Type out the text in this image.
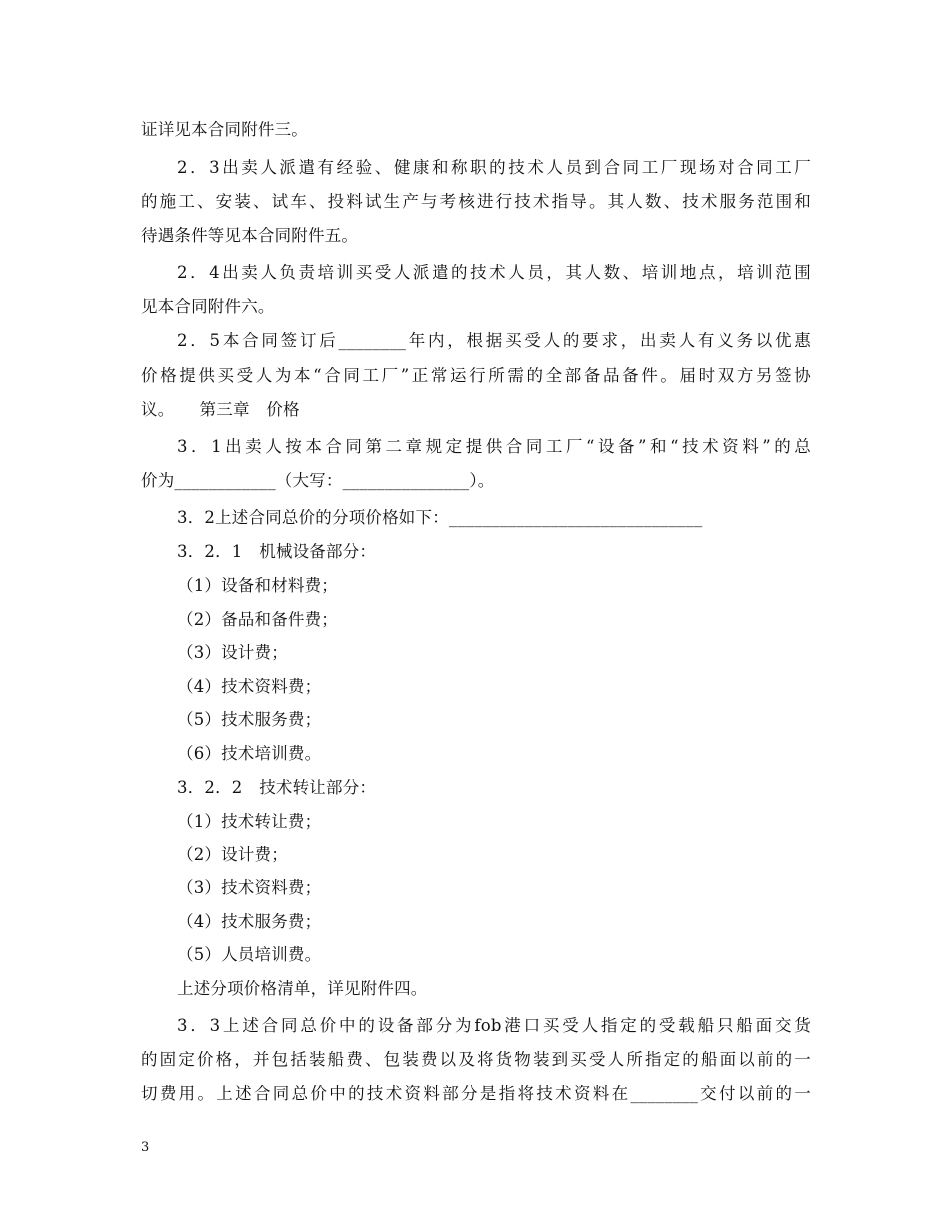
证详见本合同附件三。
2．3出卖人派遣有经验、健康和称职的技术人员到合同工厂现场对合同工厂
的施工、安装、试车、投料试生产与考核进行技术指导。其人数、技术服务范围和
待遇条件等见本合同附件五。
2．4出卖人负责培训买受人派遣的技术人员，其人数、培训地点，培训范围
见本合同附件六。
2．5本合同签订后________年内，根据买受人的要求，出卖人有义务以优惠
价格提供买受人为本“合同工厂”正常运行所需的全部备品备件。届时双方另签协
议。　　第三章　价格
3．1出卖人按本合同第二章规定提供合同工厂“设备”和“技术资料”的总
价为____________（大写：_______________）。
3．2上述合同总价的分项价格如下：______________________________
3．2．1　机械设备部分：
（1）设备和材料费；
（2）备品和备件费；
（3）设计费；
（4）技术资料费；
（5）技术服务费；
（6）技术培训费。
3．2．2　技术转让部分：
（1）技术转让费；
（2）设计费；
（3）技术资料费；
（4）技术服务费；
（5）人员培训费。
上述分项价格清单，详见附件四。
3．3上述合同总价中的设备部分为fob港口买受人指定的受载船只船面交货
的固定价格，并包括装船费、包装费以及将货物装到买受人所指定的船面以前的一
切费用。上述合同总价中的技术资料部分是指将技术资料在________交付以前的一
3
